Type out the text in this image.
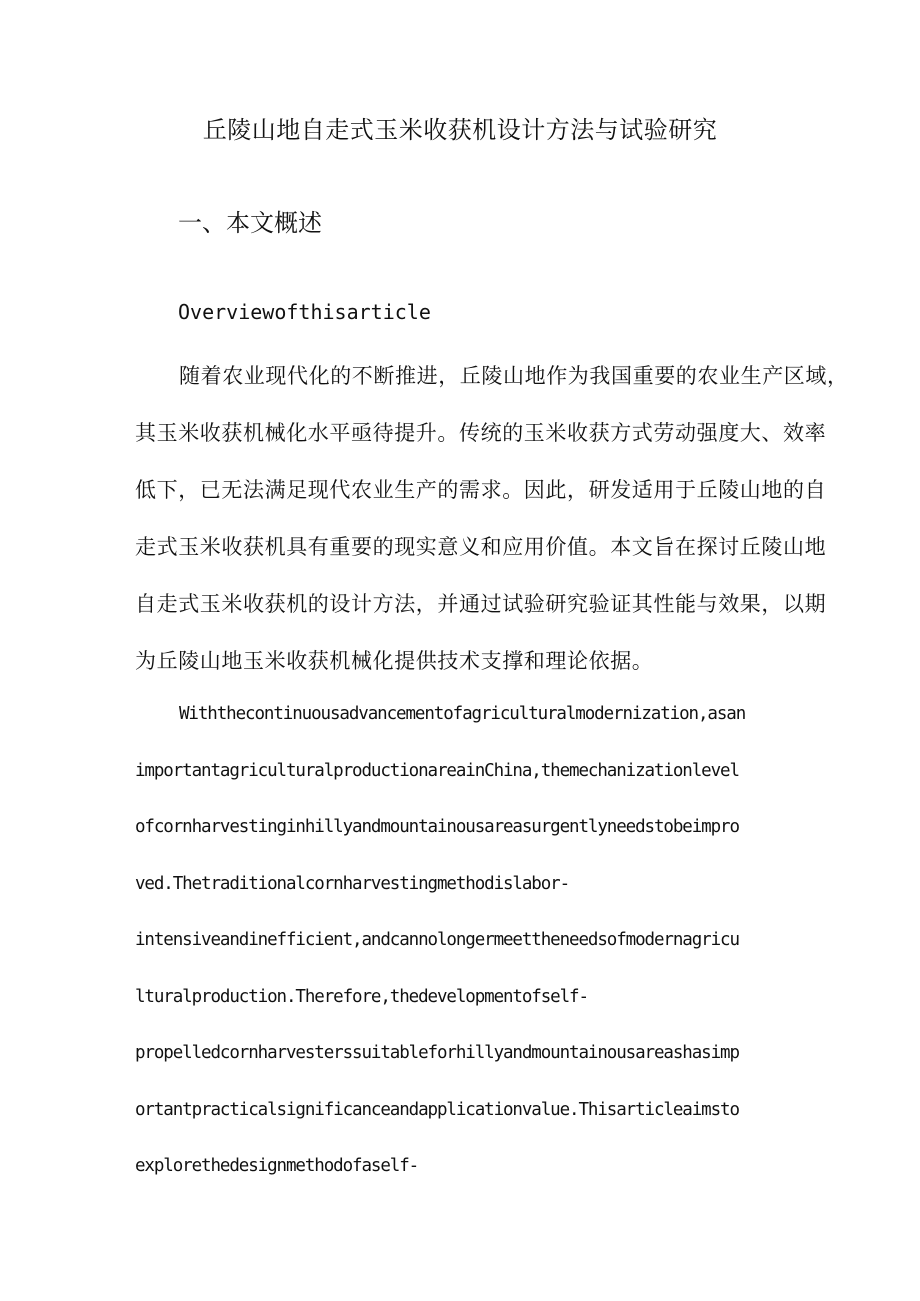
丘陵山地自走式玉米收获机设计方法与试验研究
一、本文概述
Overviewofthisarticle
随着农业现代化的不断推进，丘陵山地作为我国重要的农业生产区域，
其玉米收获机械化水平亟待提升。传统的玉米收获方式劳动强度大、效率
低下，已无法满足现代农业生产的需求。因此，研发适用于丘陵山地的自
走式玉米收获机具有重要的现实意义和应用价值。本文旨在探讨丘陵山地
自走式玉米收获机的设计方法，并通过试验研究验证其性能与效果，以期
为丘陵山地玉米收获机械化提供技术支撑和理论依据。
Withthecontinuousadvancementofagriculturalmodernization,asan
importantagriculturalproductionareainChina,themechanizationlevel
ofcornharvestinginhillyandmountainousareasurgentlyneedstobeimpro
ved.Thetraditionalcornharvestingmethodislabor-
intensiveandinefficient,andcannolongermeettheneedsofmodernagricu
lturalproduction.Therefore,thedevelopmentofself-
propelledcornharvesterssuitableforhillyandmountainousareashasimp
ortantpracticalsignificanceandapplicationvalue.Thisarticleaimsto
explorethedesignmethodofaself-
